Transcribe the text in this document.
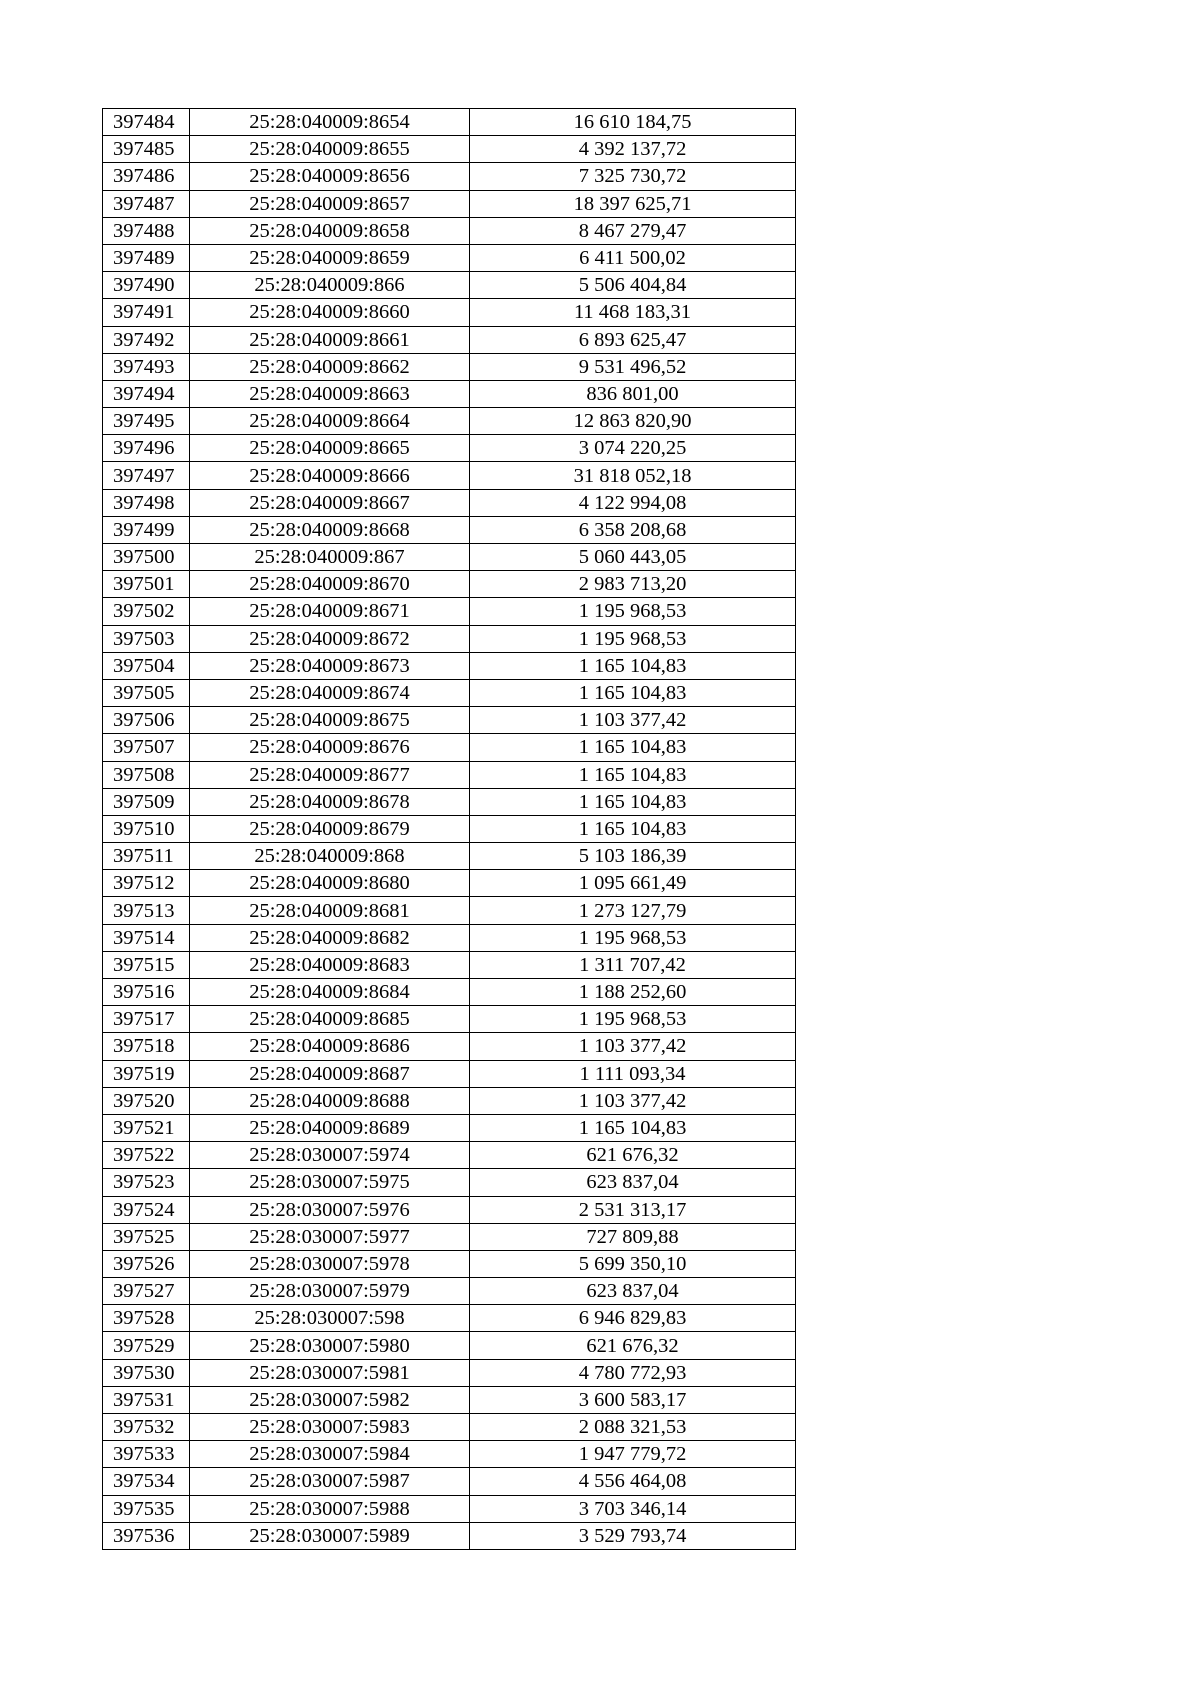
397484	25:28:040009:8654	16 610 184,75
397485	25:28:040009:8655	4 392 137,72
397486	25:28:040009:8656	7 325 730,72
397487	25:28:040009:8657	18 397 625,71
397488	25:28:040009:8658	8 467 279,47
397489	25:28:040009:8659	6 411 500,02
397490	25:28:040009:866	5 506 404,84
397491	25:28:040009:8660	11 468 183,31
397492	25:28:040009:8661	6 893 625,47
397493	25:28:040009:8662	9 531 496,52
397494	25:28:040009:8663	836 801,00
397495	25:28:040009:8664	12 863 820,90
397496	25:28:040009:8665	3 074 220,25
397497	25:28:040009:8666	31 818 052,18
397498	25:28:040009:8667	4 122 994,08
397499	25:28:040009:8668	6 358 208,68
397500	25:28:040009:867	5 060 443,05
397501	25:28:040009:8670	2 983 713,20
397502	25:28:040009:8671	1 195 968,53
397503	25:28:040009:8672	1 195 968,53
397504	25:28:040009:8673	1 165 104,83
397505	25:28:040009:8674	1 165 104,83
397506	25:28:040009:8675	1 103 377,42
397507	25:28:040009:8676	1 165 104,83
397508	25:28:040009:8677	1 165 104,83
397509	25:28:040009:8678	1 165 104,83
397510	25:28:040009:8679	1 165 104,83
397511	25:28:040009:868	5 103 186,39
397512	25:28:040009:8680	1 095 661,49
397513	25:28:040009:8681	1 273 127,79
397514	25:28:040009:8682	1 195 968,53
397515	25:28:040009:8683	1 311 707,42
397516	25:28:040009:8684	1 188 252,60
397517	25:28:040009:8685	1 195 968,53
397518	25:28:040009:8686	1 103 377,42
397519	25:28:040009:8687	1 111 093,34
397520	25:28:040009:8688	1 103 377,42
397521	25:28:040009:8689	1 165 104,83
397522	25:28:030007:5974	621 676,32
397523	25:28:030007:5975	623 837,04
397524	25:28:030007:5976	2 531 313,17
397525	25:28:030007:5977	727 809,88
397526	25:28:030007:5978	5 699 350,10
397527	25:28:030007:5979	623 837,04
397528	25:28:030007:598	6 946 829,83
397529	25:28:030007:5980	621 676,32
397530	25:28:030007:5981	4 780 772,93
397531	25:28:030007:5982	3 600 583,17
397532	25:28:030007:5983	2 088 321,53
397533	25:28:030007:5984	1 947 779,72
397534	25:28:030007:5987	4 556 464,08
397535	25:28:030007:5988	3 703 346,14
397536	25:28:030007:5989	3 529 793,74
